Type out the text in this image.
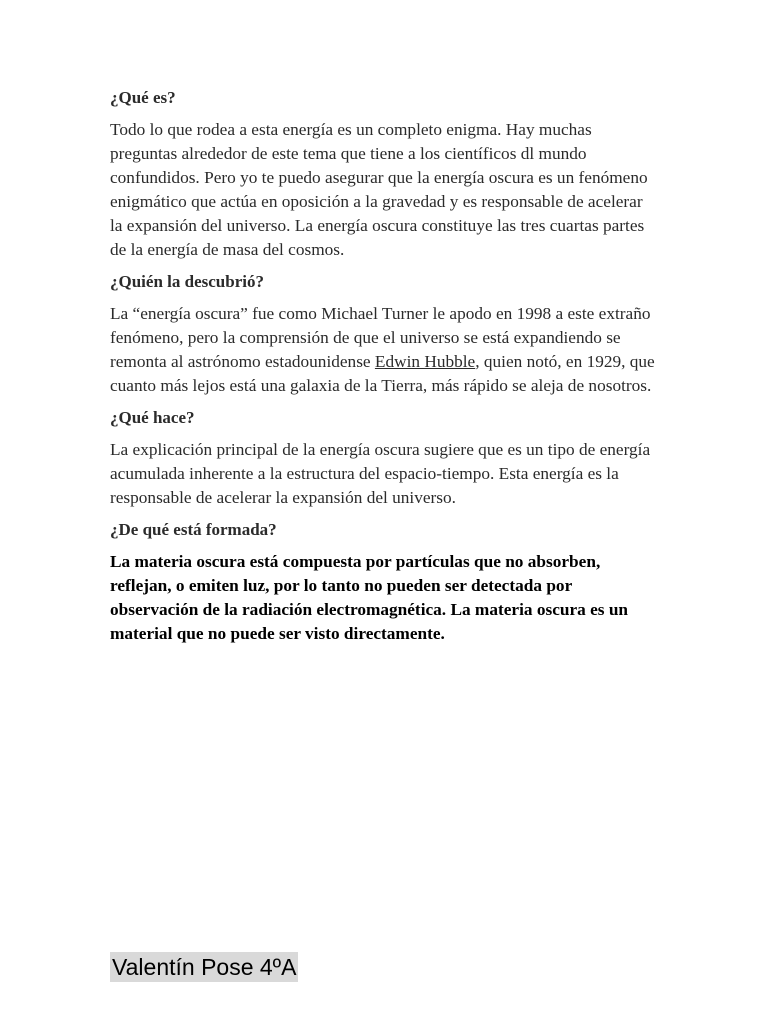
¿Qué es?

Todo lo que rodea a esta energía es un completo enigma. Hay muchas preguntas alrededor de este tema que tiene a los científicos dl mundo confundidos. Pero yo te puedo asegurar que la energía oscura es un fenómeno enigmático que actúa en oposición a la gravedad y es responsable de acelerar la expansión del universo. La energía oscura constituye las tres cuartas partes de la energía de masa del cosmos.

¿Quién la descubrió?

La “energía oscura” fue como Michael Turner le apodo en 1998 a este extraño fenómeno, pero la comprensión de que el universo se está expandiendo se remonta al astrónomo estadounidense Edwin Hubble, quien notó, en 1929, que cuanto más lejos está una galaxia de la Tierra, más rápido se aleja de nosotros.

¿Qué hace?

La explicación principal de la energía oscura sugiere que es un tipo de energía acumulada inherente a la estructura del espacio-tiempo. Esta energía es la responsable de acelerar la expansión del universo.

¿De qué está formada?

La materia oscura está compuesta por partículas que no absorben, reflejan, o emiten luz, por lo tanto no pueden ser detectada por observación de la radiación electromagnética. La materia oscura es un material que no puede ser visto directamente.

Valentín Pose 4ºA
